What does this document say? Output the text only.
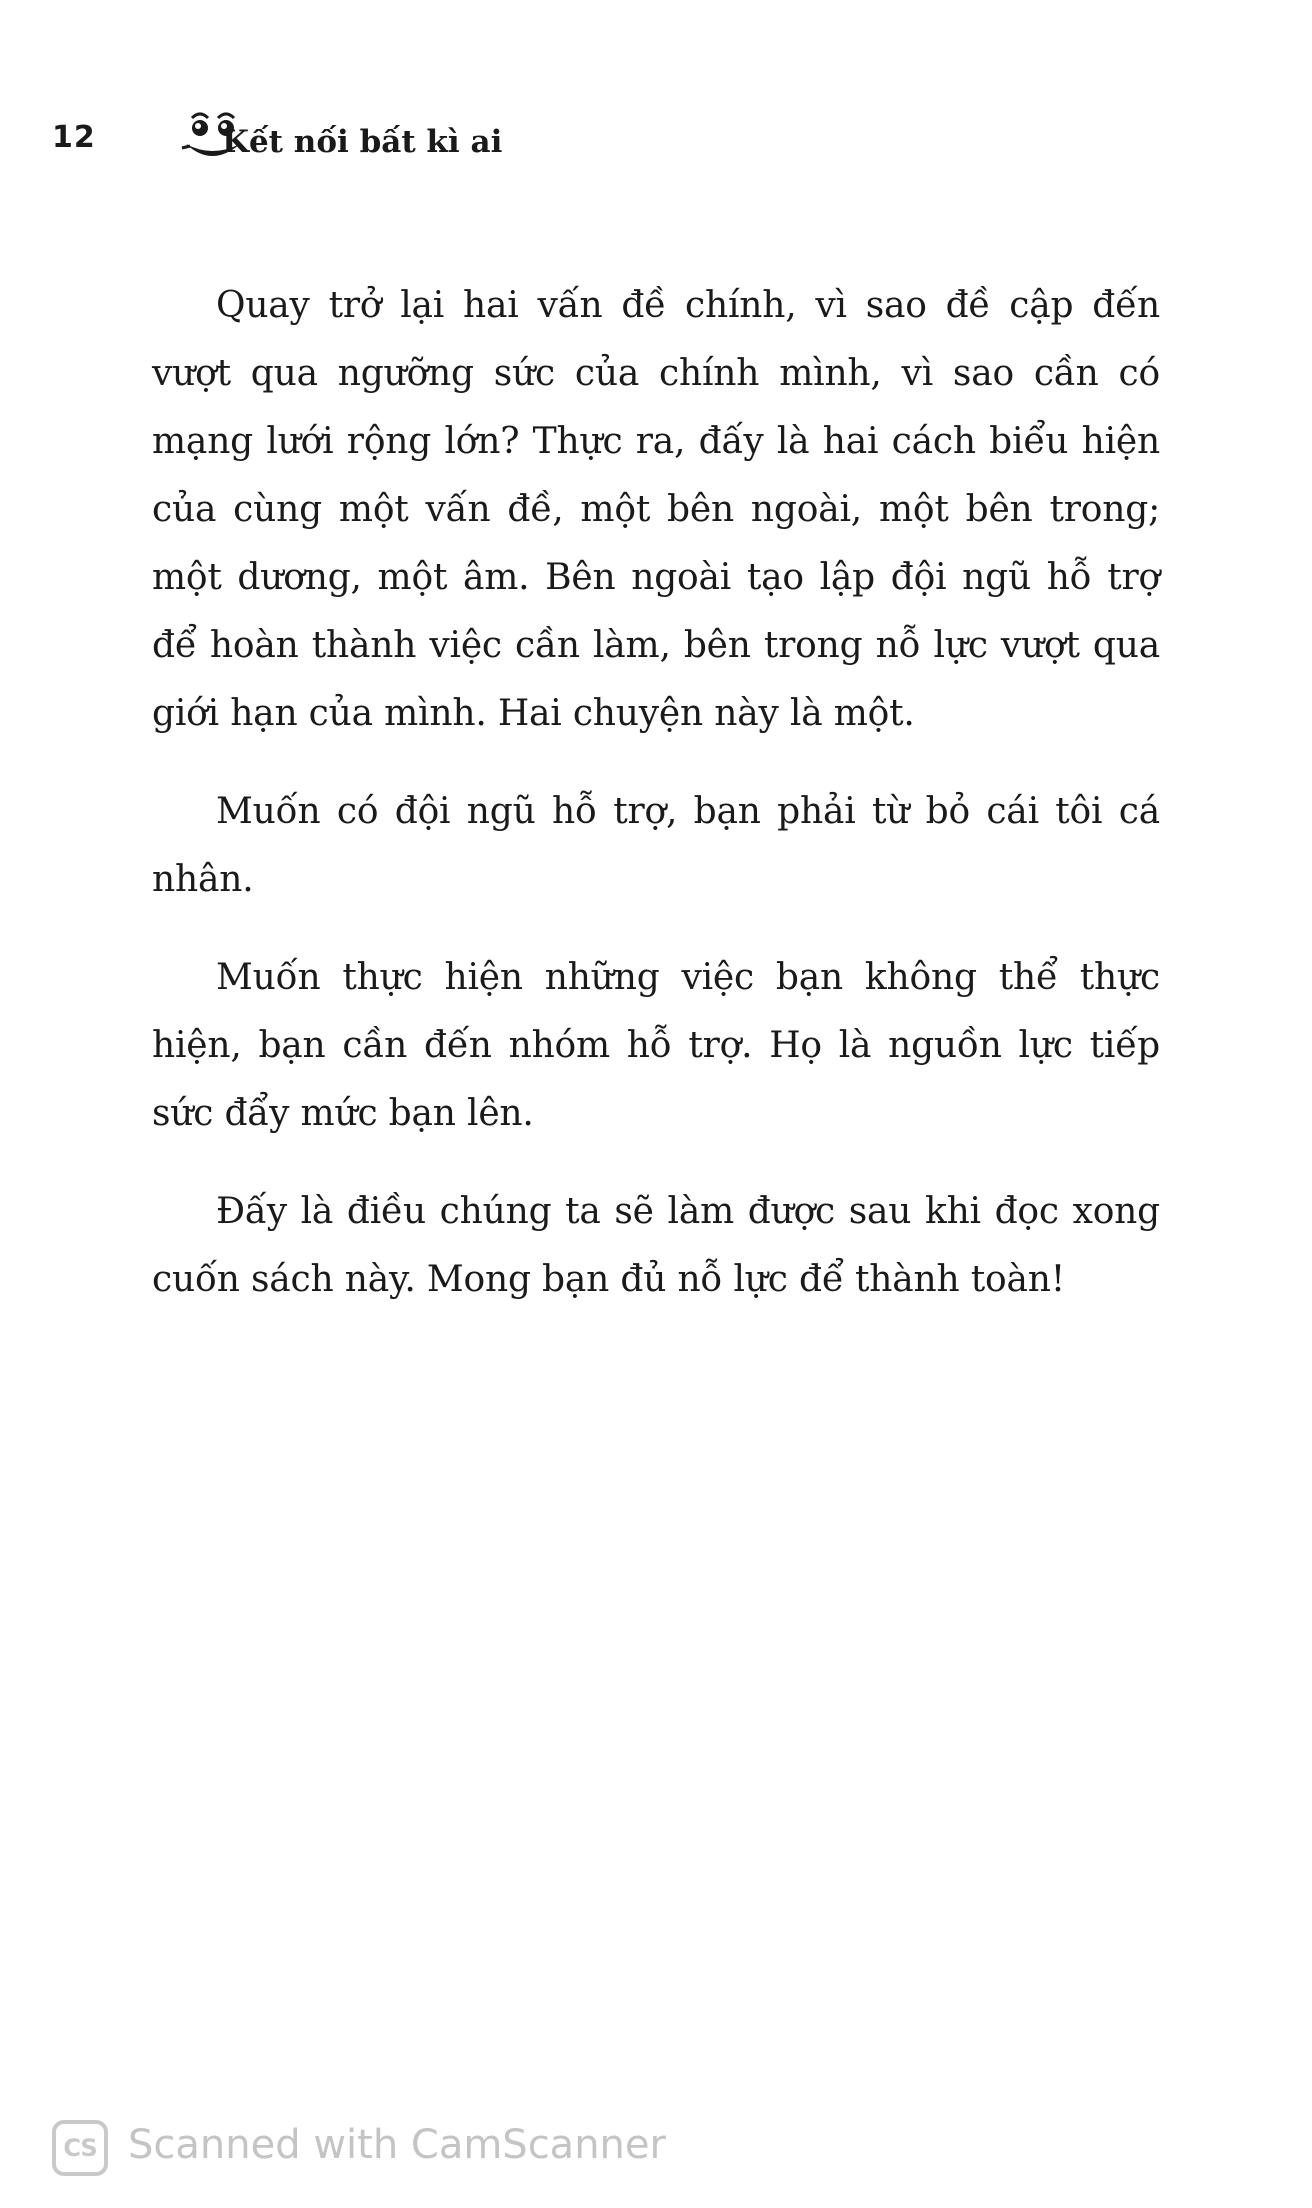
12	Kết nối bất kì ai

Quay trở lại hai vấn đề chính, vì sao đề cập đến vượt qua ngưỡng sức của chính mình, vì sao cần có mạng lưới rộng lớn? Thực ra, đấy là hai cách biểu hiện của cùng một vấn đề, một bên ngoài, một bên trong; một dương, một âm. Bên ngoài tạo lập đội ngũ hỗ trợ để hoàn thành việc cần làm, bên trong nỗ lực vượt qua giới hạn của mình. Hai chuyện này là một.

Muốn có đội ngũ hỗ trợ, bạn phải từ bỏ cái tôi cá nhân.

Muốn thực hiện những việc bạn không thể thực hiện, bạn cần đến nhóm hỗ trợ. Họ là nguồn lực tiếp sức đẩy mức bạn lên.

Đấy là điều chúng ta sẽ làm được sau khi đọc xong cuốn sách này. Mong bạn đủ nỗ lực để thành toàn!

CS Scanned with CamScanner
